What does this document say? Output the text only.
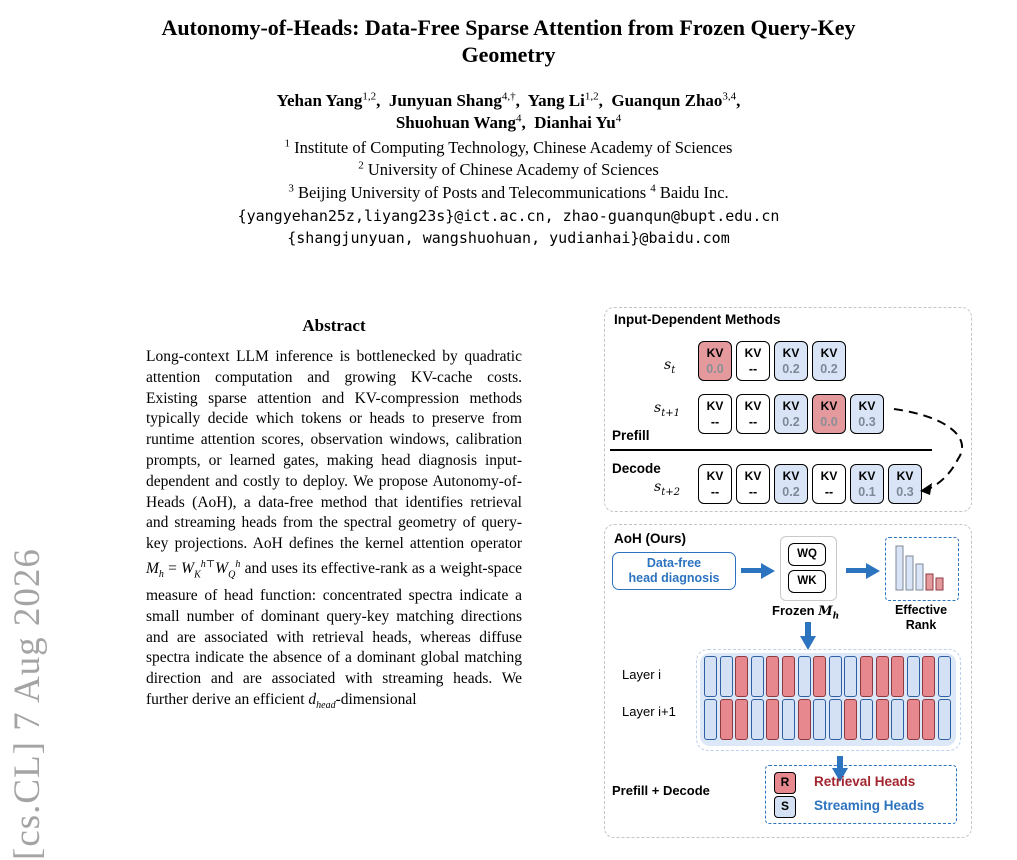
Autonomy-of-Heads: Data-Free Sparse Attention from Frozen Query-Key
Geometry
Yehan Yang$^{1,2}$,  Junyuan Shang$^{4,\dagger}$,  Yang Li$^{1,2}$,  Guanqun Zhao$^{3,4}$,
Shuohuan Wang$^4$,  Dianhai Yu$^4$
$^1$ Institute of Computing Technology, Chinese Academy of Sciences
$^2$ University of Chinese Academy of Sciences
$^3$ Beijing University of Posts and Telecommunications $^4$ Baidu Inc.
{yangyehan25z,liyang23s}@ict.ac.cn, zhao-guanqun@bupt.edu.cn
{shangjunyuan, wangshuohuan, yudianhai}@baidu.com
[cs.CL] 7 Aug 2026
Abstract
Long-context LLM inference is bottlenecked by quadratic attention computation and growing KV-cache costs. Existing sparse attention and KV-compression methods typically decide which tokens or heads to preserve from runtime attention scores, observation windows, calibration prompts, or learned gates, making head diagnosis input-dependent and costly to deploy. We propose Autonomy-of-Heads (AoH), a data-free method that identifies retrieval and streaming heads from the spectral geometry of query-key projections. AoH defines the kernel attention operator $M_h = W_K^{h⊤}W_Q^h$ and uses its effective-rank as a weight-space measure of head function: concentrated spectra indicate a small number of dominant query-key matching directions and are associated with retrieval heads, whereas diffuse spectra indicate the absence of a dominant global matching direction and are associated with streaming heads. We further derive an efficient $d_{head}$-dimensional
Input-Dependent Methods
$s_t$
$s_{t+1}$
Prefill
Decode
$s_{t+2}$
KV
0.0
KV
--
KV
0.2
KV
0.2
KV
--
KV
--
KV
0.2
KV
0.0
KV
0.3
KV
--
KV
--
KV
0.2
KV
--
KV
0.1
KV
0.3
AoH (Ours)
Data-free
head diagnosis
WQ
WK
Frozen $M_h$	Effective
Rank
Layer i
Layer i+1
Prefill + Decode
R	Retrieval Heads
S	Streaming Heads
